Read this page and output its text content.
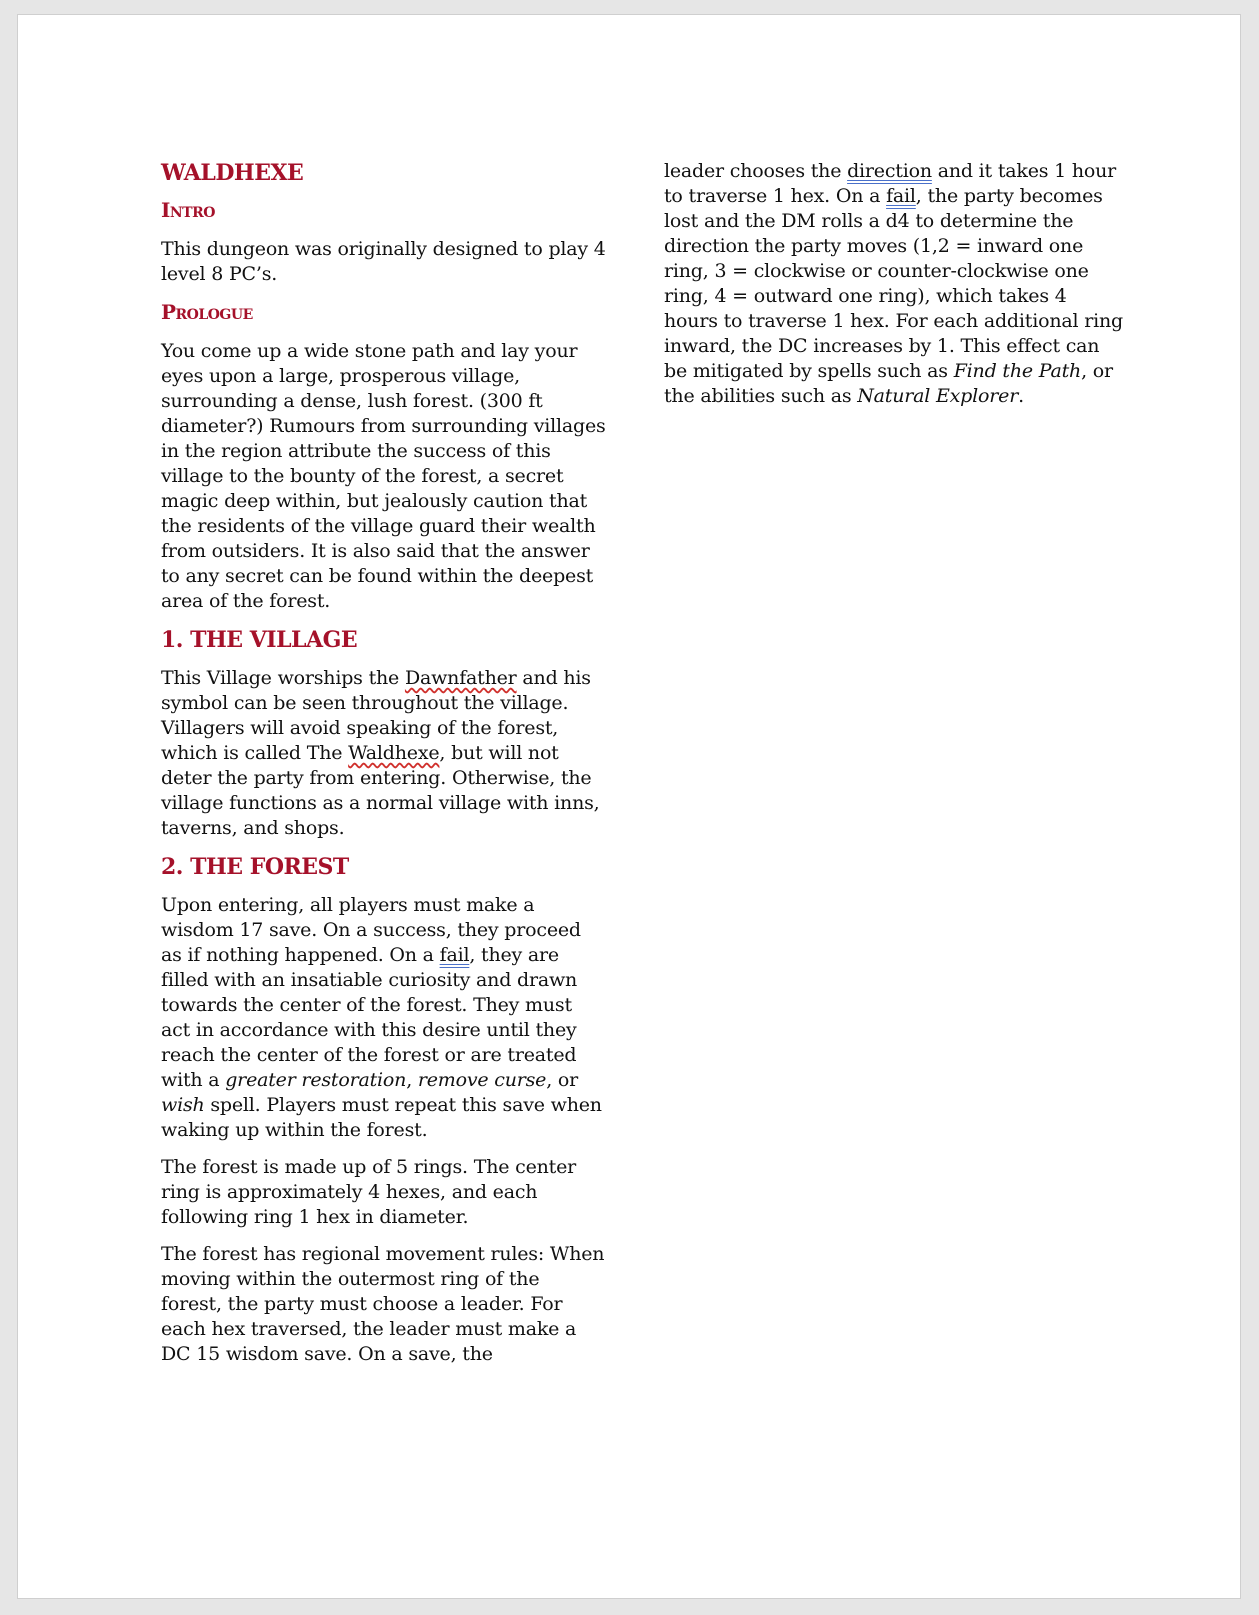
WALDHEXE
Intro

This dungeon was originally designed to play 4 level 8 PC’s.

Prologue

You come up a wide stone path and lay your eyes upon a large, prosperous village, surrounding a dense, lush forest. (300 ft diameter?) Rumours from surrounding villages in the region attribute the success of this village to the bounty of the forest, a secret magic deep within, but jealously caution that the residents of the village guard their wealth from outsiders. It is also said that the answer to any secret can be found within the deepest area of the forest.

1. THE VILLAGE

This Village worships the Dawnfather and his symbol can be seen throughout the village. Villagers will avoid speaking of the forest, which is called The Waldhexe, but will not deter the party from entering. Otherwise, the village functions as a normal village with inns, taverns, and shops.

2. THE FOREST

Upon entering, all players must make a wisdom 17 save. On a success, they proceed as if nothing happened. On a fail, they are filled with an insatiable curiosity and drawn towards the center of the forest. They must act in accordance with this desire until they reach the center of the forest or are treated with a greater restoration, remove curse, or wish spell. Players must repeat this save when waking up within the forest.

The forest is made up of 5 rings. The center ring is approximately 4 hexes, and each following ring 1 hex in diameter.

The forest has regional movement rules: When moving within the outermost ring of the forest, the party must choose a leader. For each hex traversed, the leader must make a DC 15 wisdom save. On a save, the

leader chooses the direction and it takes 1 hour to traverse 1 hex. On a fail, the party becomes lost and the DM rolls a d4 to determine the direction the party moves (1,2 = inward one ring, 3 = clockwise or counter-clockwise one ring, 4 = outward one ring), which takes 4 hours to traverse 1 hex. For each additional ring inward, the DC increases by 1. This effect can be mitigated by spells such as Find the Path, or the abilities such as Natural Explorer.
